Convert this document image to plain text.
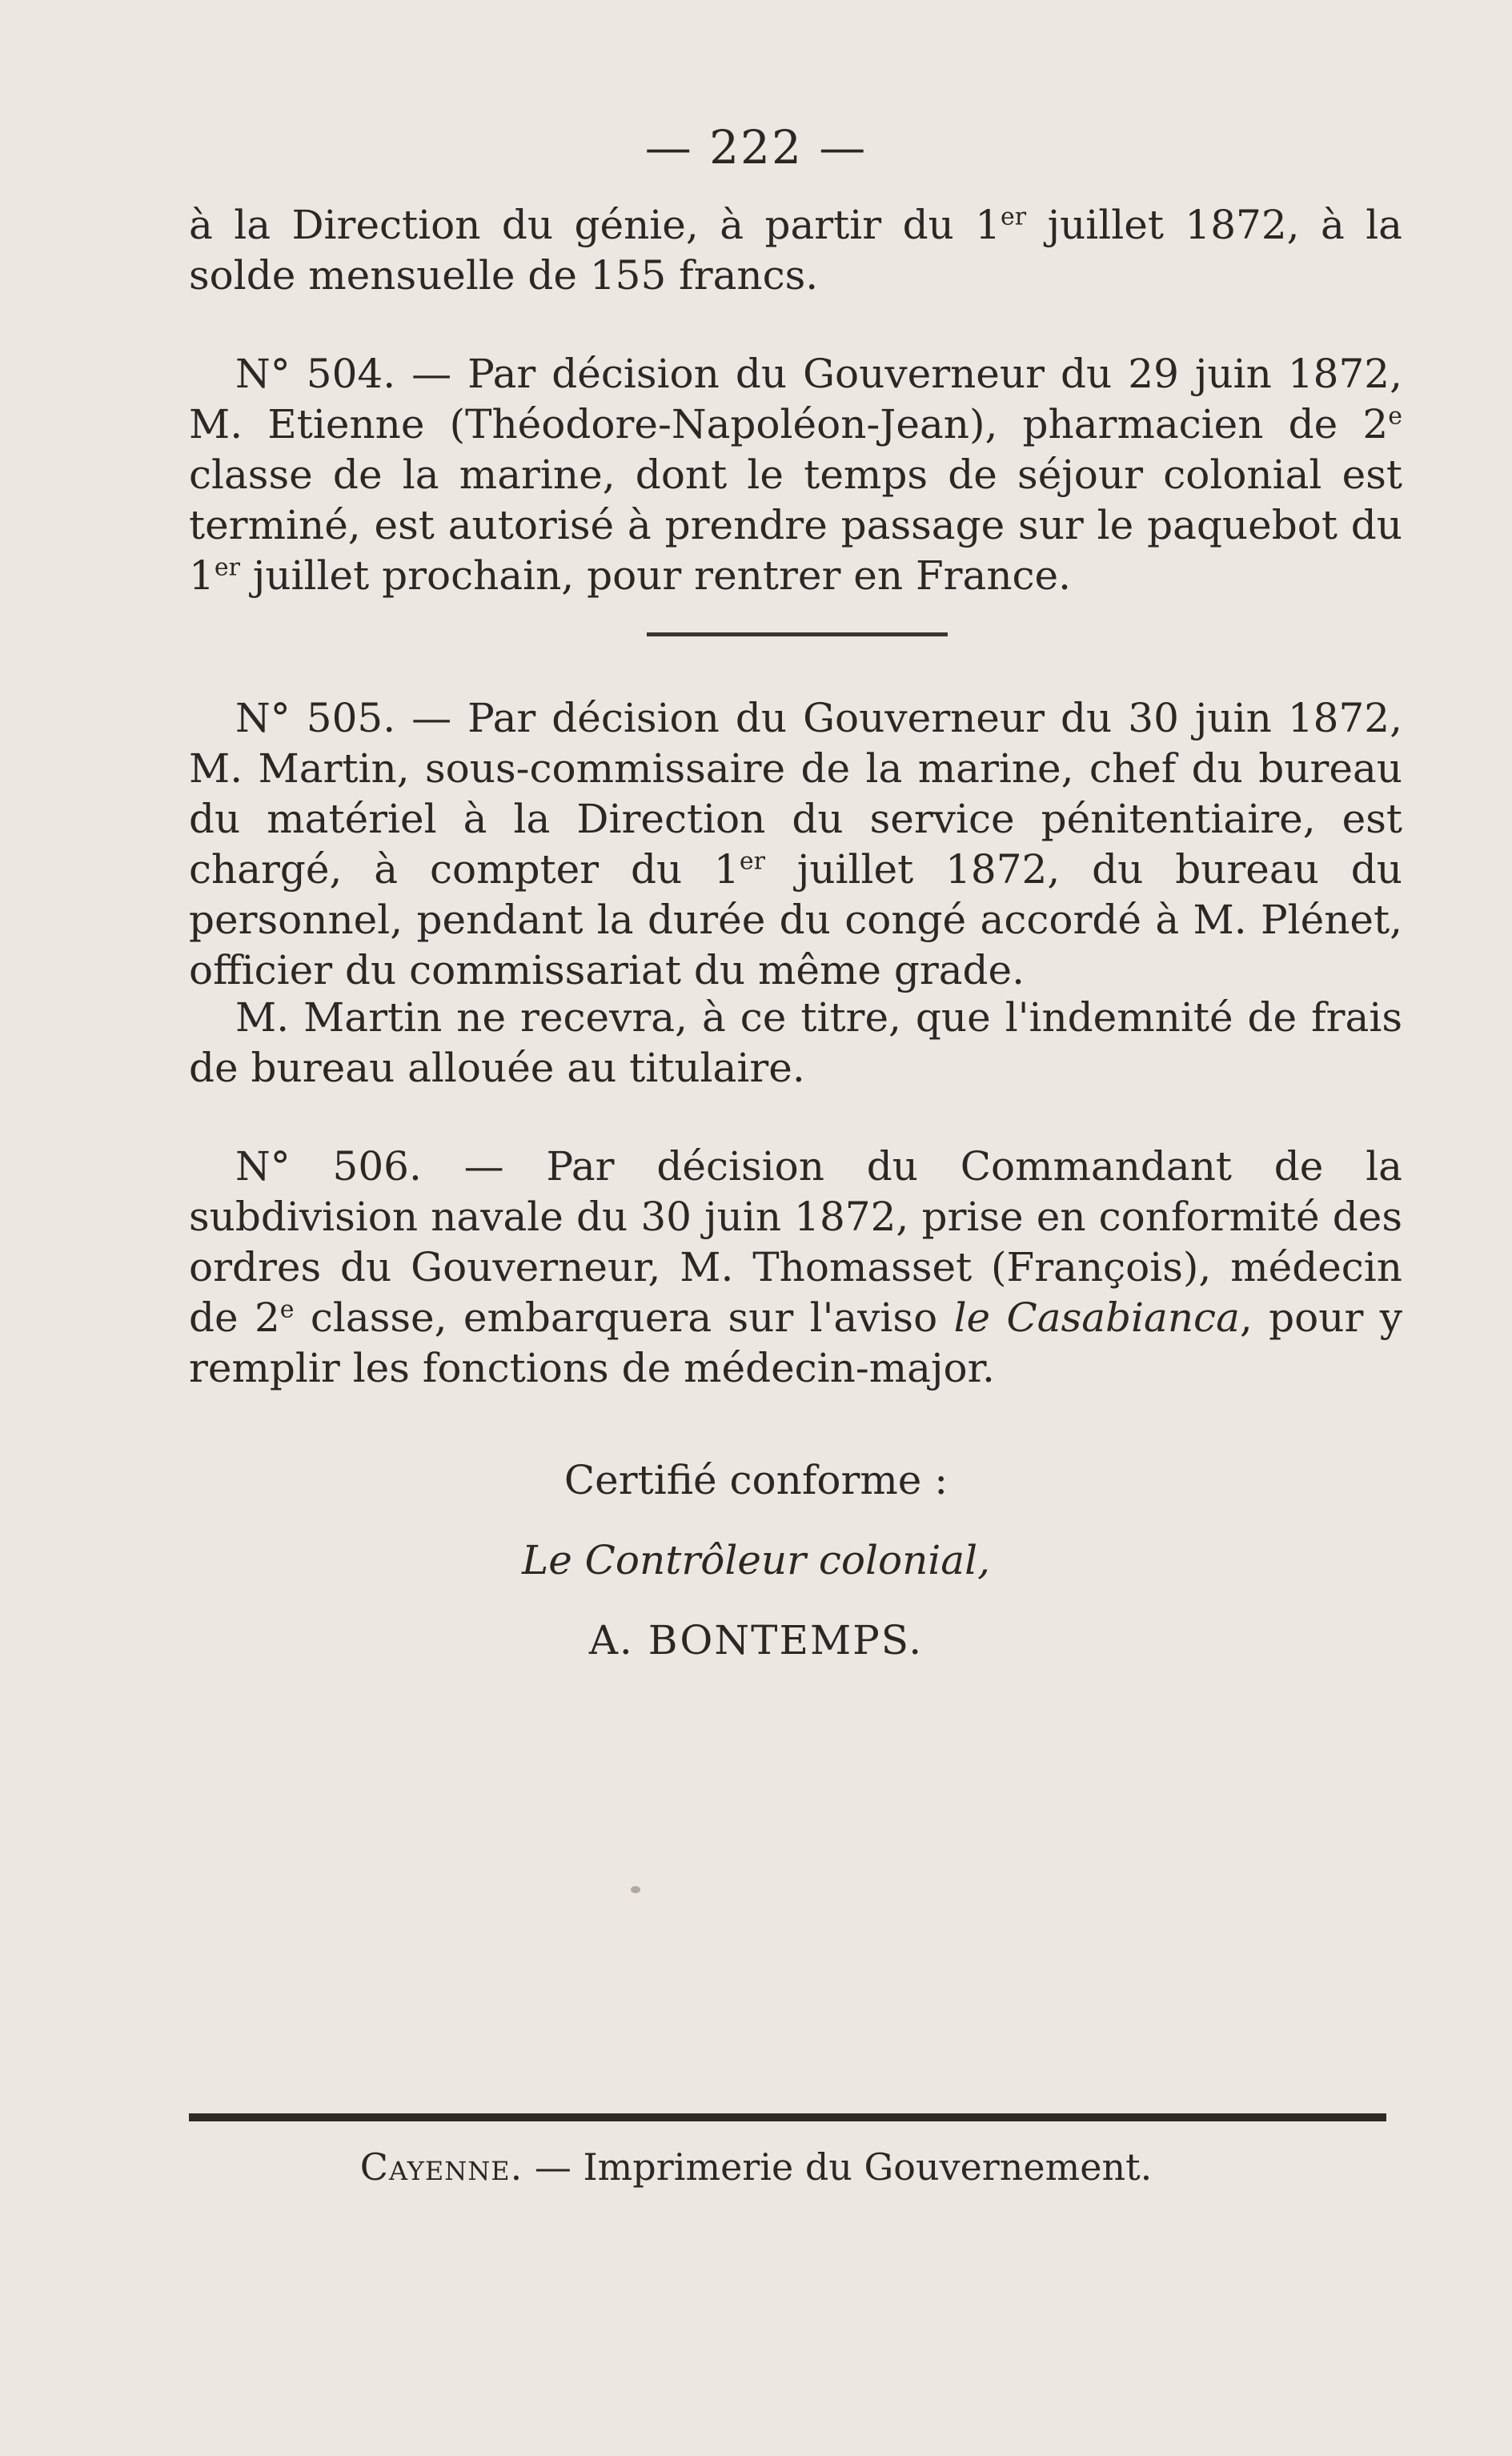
— 222 —

à la Direction du génie, à partir du 1er juillet 1872, à la solde mensuelle de 155 francs.

N° 504. — Par décision du Gouverneur du 29 juin 1872, M. Etienne (Théodore-Napoléon-Jean), pharmacien de 2e classe de la marine, dont le temps de séjour colonial est terminé, est autorisé à prendre passage sur le paquebot du 1er juillet prochain, pour rentrer en France.

N° 505. — Par décision du Gouverneur du 30 juin 1872, M. Martin, sous-commissaire de la marine, chef du bureau du matériel à la Direction du service pénitentiaire, est chargé, à compter du 1er juillet 1872, du bureau du personnel, pendant la durée du congé accordé à M. Plénet, officier du commissariat du même grade.

M. Martin ne recevra, à ce titre, que l'indemnité de frais de bureau allouée au titulaire.

N° 506. — Par décision du Commandant de la subdivision navale du 30 juin 1872, prise en conformité des ordres du Gouverneur, M. Thomasset (François), médecin de 2e classe, embarquera sur l'aviso le Casabianca, pour y remplir les fonctions de médecin-major.

Certifié conforme :
Le Contrôleur colonial,
A. BONTEMPS.
Cayenne. — Imprimerie du Gouvernement.
